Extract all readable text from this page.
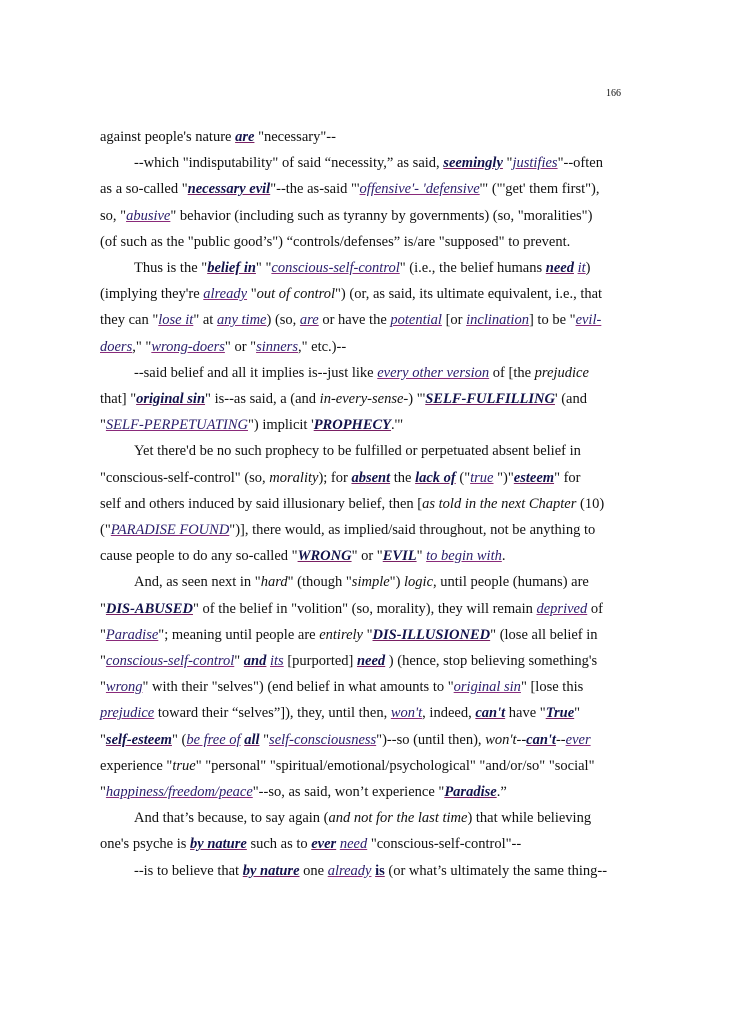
166
against people's nature are "necessary"--
--which "indisputability" of said “necessity,” as said, seemingly "justifies"--often
as a so-called "necessary evil"--the as-said "'offensive'- 'defensive'" ("'get' them first"),
so, "abusive" behavior (including such as tyranny by governments) (so, "moralities")
(of such as the "public good’s") “controls/defenses” is/are "supposed" to prevent.
Thus is the "belief in" "conscious-self-control" (i.e., the belief humans need it)
(implying they're already "out of control") (or, as said, its ultimate equivalent, i.e., that
they can "lose it" at any time) (so, are or have the potential [or inclination] to be "evil-
doers," "wrong-doers" or "sinners," etc.)--
--said belief and all it implies is--just like every other version of [the prejudice
that] "original sin" is--as said, a (and in-every-sense-) "'SELF-FULFILLING' (and
"SELF-PERPETUATING") implicit 'PROPHECY.'"
Yet there'd be no such prophecy to be fulfilled or perpetuated absent belief in
"conscious-self-control" (so, morality); for absent the lack of ("true ")"esteem" for
self and others induced by said illusionary belief, then [as told in the next Chapter (10)
("PARADISE FOUND")], there would, as implied/said throughout, not be anything to
cause people to do any so-called "WRONG" or "EVIL" to begin with.
And, as seen next in "hard" (though "simple") logic, until people (humans) are
"DIS-ABUSED" of the belief in "volition" (so, morality), they will remain deprived of
"Paradise"; meaning until people are entirely "DIS-ILLUSIONED" (lose all belief in
"conscious-self-control" and its [purported] need ) (hence, stop believing something's
"wrong" with their "selves") (end belief in what amounts to "original sin" [lose this
prejudice toward their “selves”]), they, until then, won't, indeed, can't have "True"
"self-esteem" (be free of all "self-consciousness")--so (until then), won't--can't--ever
experience "true" "personal" "spiritual/emotional/psychological" "and/or/so" "social"
"happiness/freedom/peace"--so, as said, won’t experience "Paradise.”
And that’s because, to say again (and not for the last time) that while believing
one's psyche is by nature such as to ever need "conscious-self-control"--
--is to believe that by nature one already is (or what’s ultimately the same thing--
